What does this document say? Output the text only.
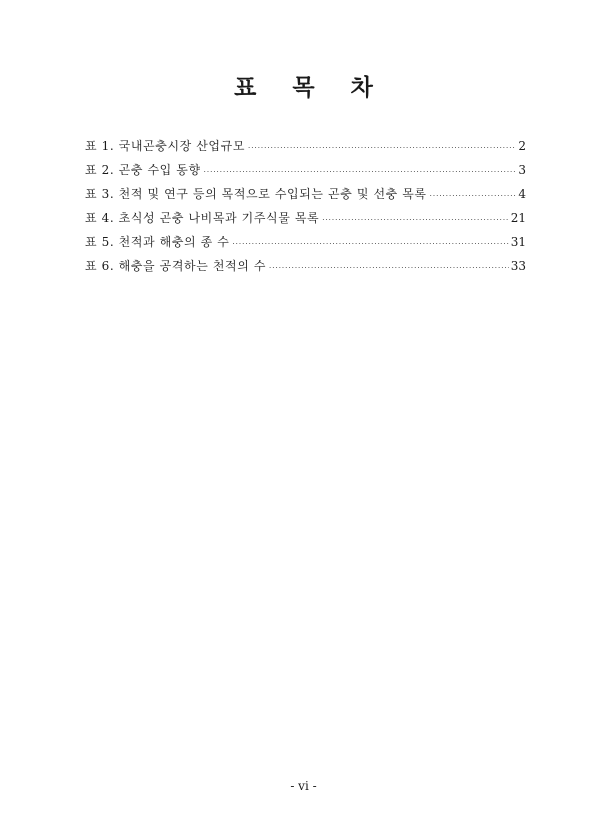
표 목 차
표 1. 국내곤충시장 산업규모 ·····	2
표 2. 곤충 수입 동향 ·····	3
표 3. 천적 및 연구 등의 목적으로 수입되는 곤충 및 선충 목록 ·····	4
표 4. 초식성 곤충 나비목과 기주식물 목록 ·····	21
표 5. 천적과 해충의 종 수 ·····	31
표 6. 해충을 공격하는 천적의 수 ·····	33
- vi -
